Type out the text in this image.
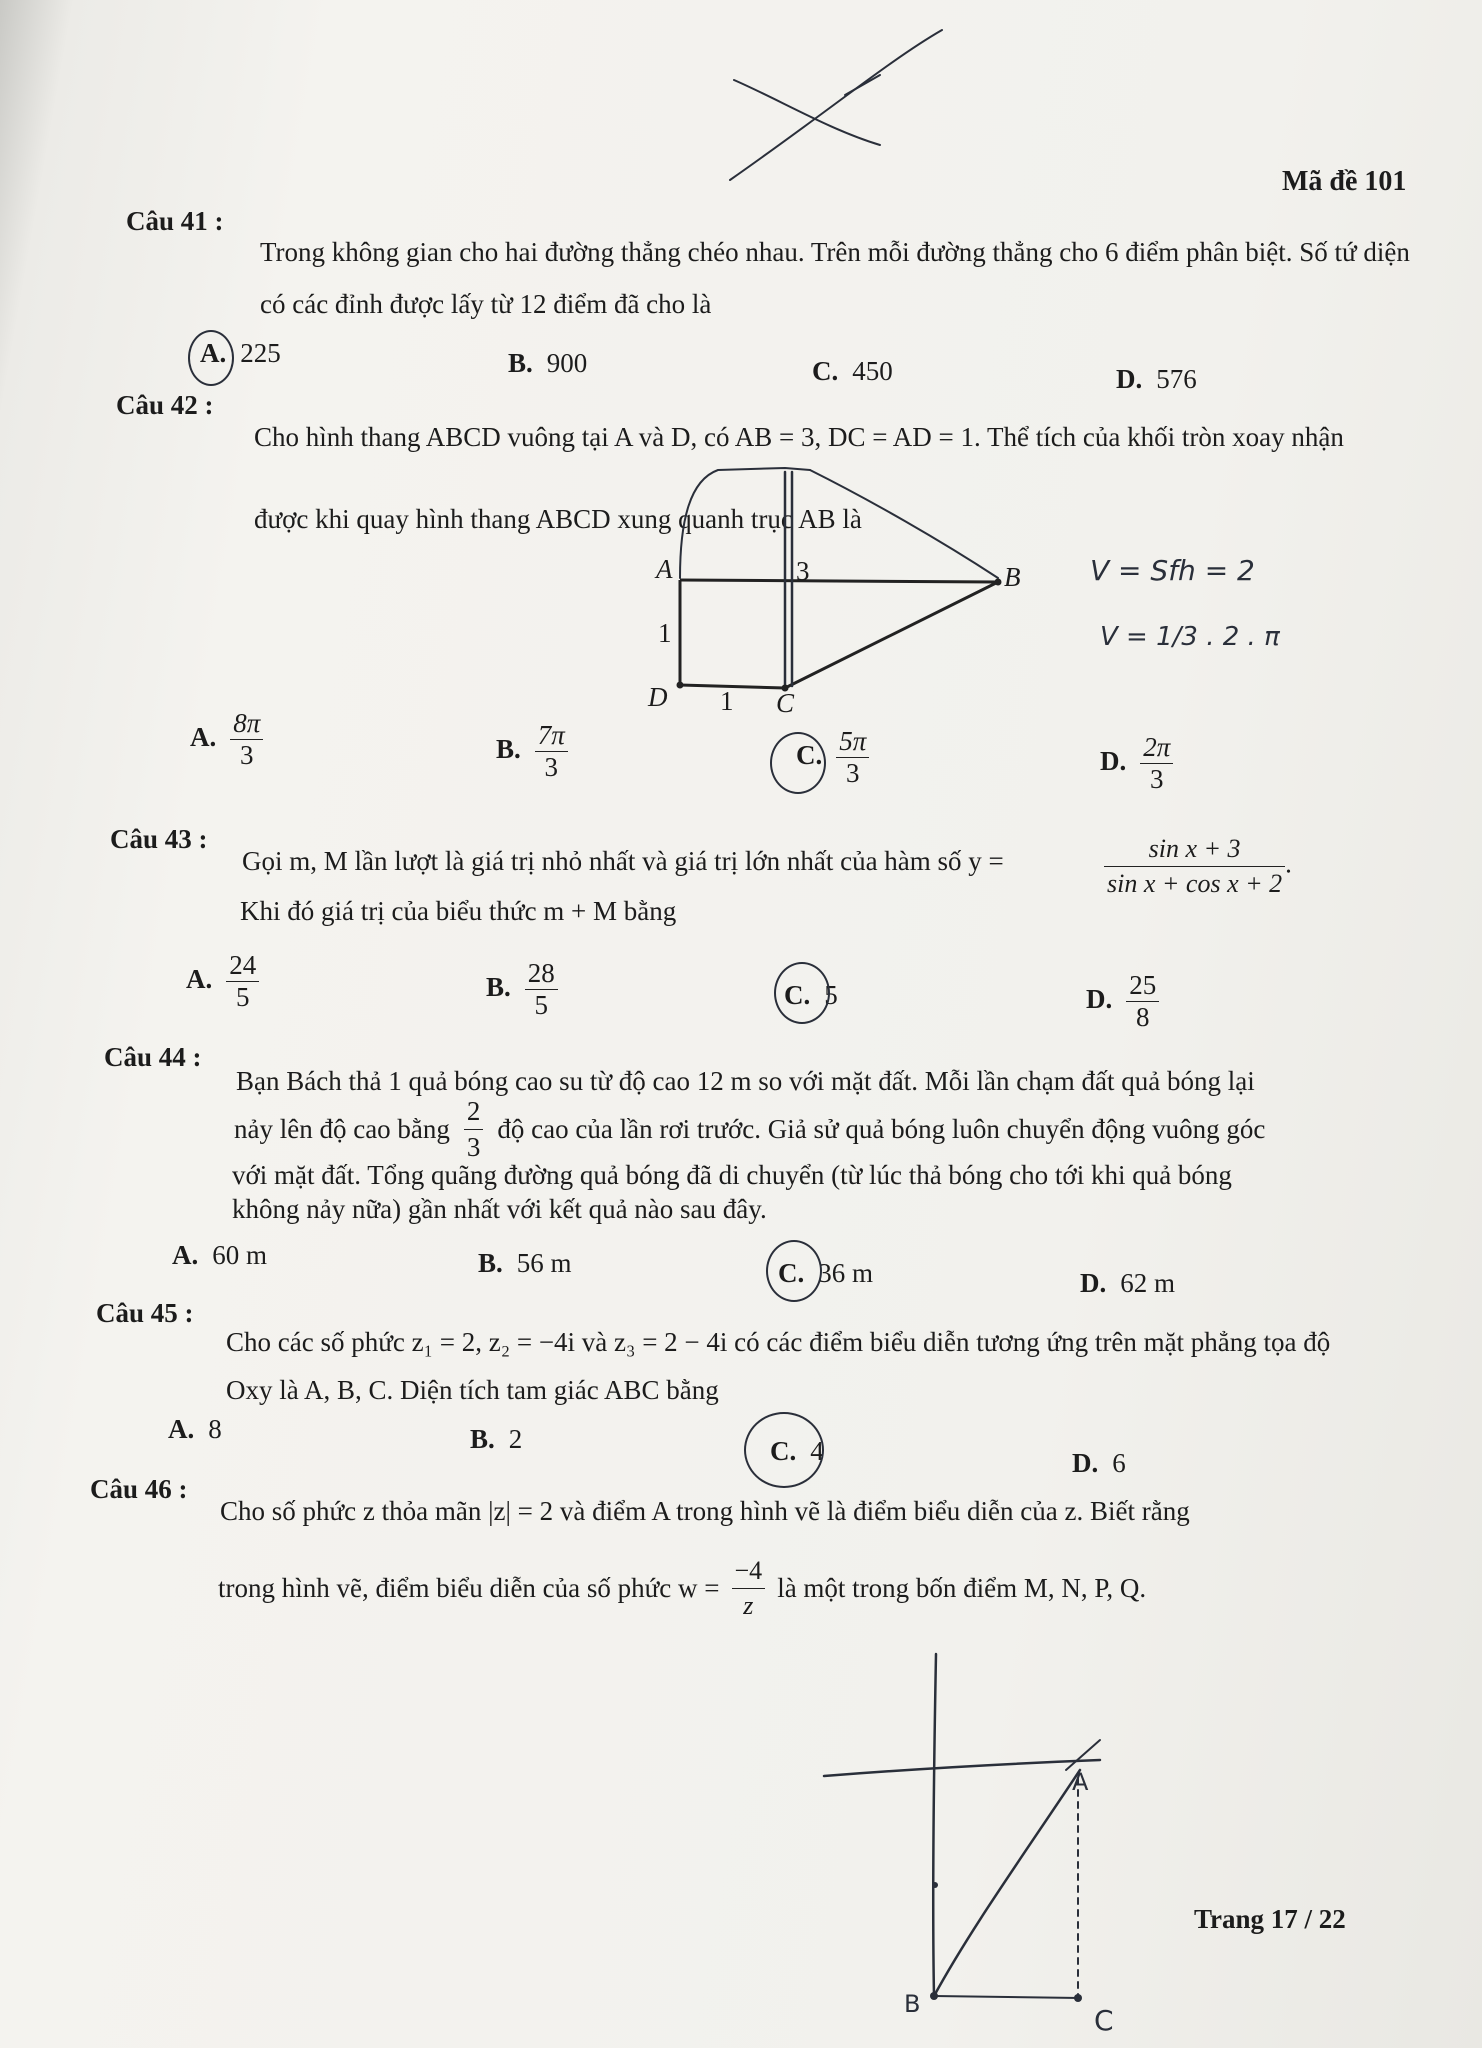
Mã đề 101
Câu 41 :
Trong không gian cho hai đường thẳng chéo nhau. Trên mỗi đường thẳng cho 6 điểm phân biệt. Số tứ diện có các đỉnh được lấy từ 12 điểm đã cho là
A. 225	B. 900	C. 450	D. 576
Câu 42 :
Cho hình thang ABCD vuông tại A và D, có AB = 3, DC = AD = 1. Thể tích của khối tròn xoay nhận được khi quay hình thang ABCD xung quanh trục AB là
A	B
C
D
3
1
1
V = Sfh = 2
V = 1/3 . 2 . π
A. $\frac{8\pi}{3}$	B. $\frac{7\pi}{3}$	C. $\frac{5\pi}{3}$	D. $\frac{2\pi}{3}$
Câu 43 :
Gọi m, M lần lượt là giá trị nhỏ nhất và giá trị lớn nhất của hàm số y =	$\frac{\text{sin x + 3}}{\text{sin x + cos x + 2}}$ .
Khi đó giá trị của biểu thức m + M bằng
A. $\frac{24}{5}$	B. $\frac{28}{5}$	C. 5	D. $\frac{25}{8}$
Câu 44 :
Bạn Bách thả 1 quả bóng cao su từ độ cao 12 m so với mặt đất. Mỗi lần chạm đất quả bóng lại
nảy lên độ cao bằng $\frac{2}{3}$ độ cao của lần rơi trước. Giả sử quả bóng luôn chuyển động vuông góc
với mặt đất. Tổng quãng đường quả bóng đã di chuyển (từ lúc thả bóng cho tới khi quả bóng
không nảy nữa) gần nhất với kết quả nào sau đây.
A. 60 m	B. 56 m	C. 36 m	D. 62 m
Câu 45 :
Cho các số phức z₁ = 2, z₂ = −4i và z₃ = 2 − 4i có các điểm biểu diễn tương ứng trên mặt phẳng tọa độ Oxy là A, B, C. Diện tích tam giác ABC bằng
A. 8	B. 2	C. 4	D. 6
Câu 46 :
Cho số phức z thỏa mãn |z| = 2 và điểm A trong hình vẽ là điểm biểu diễn của z. Biết rằng
trong hình vẽ, điểm biểu diễn của số phức $w = \frac{-4}{z}$ là một trong bốn điểm M, N, P, Q.
A
B	C
Trang 17 / 22
